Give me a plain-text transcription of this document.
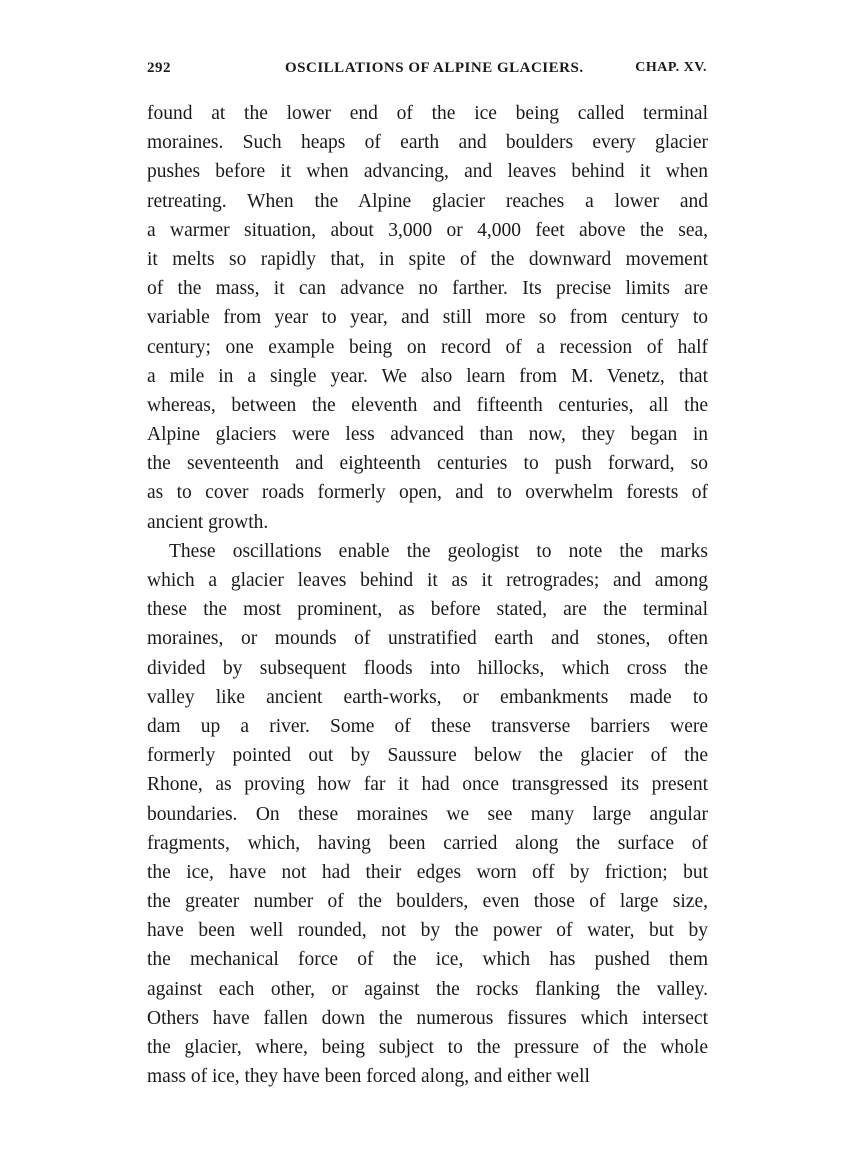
292	OSCILLATIONS OF ALPINE GLACIERS.	CHAP. XV.
found at the lower end of the ice being called terminal
moraines. Such heaps of earth and boulders every glacier
pushes before it when advancing, and leaves behind it when
retreating. When the Alpine glacier reaches a lower and
a warmer situation, about 3,000 or 4,000 feet above the sea,
it melts so rapidly that, in spite of the downward movement
of the mass, it can advance no farther. Its precise limits are
variable from year to year, and still more so from century to
century; one example being on record of a recession of half
a mile in a single year. We also learn from M. Venetz, that
whereas, between the eleventh and fifteenth centuries, all the
Alpine glaciers were less advanced than now, they began in
the seventeenth and eighteenth centuries to push forward, so
as to cover roads formerly open, and to overwhelm forests of
ancient growth.
These oscillations enable the geologist to note the marks
which a glacier leaves behind it as it retrogrades; and among
these the most prominent, as before stated, are the terminal
moraines, or mounds of unstratified earth and stones, often
divided by subsequent floods into hillocks, which cross the
valley like ancient earth-works, or embankments made to
dam up a river. Some of these transverse barriers were
formerly pointed out by Saussure below the glacier of the
Rhone, as proving how far it had once transgressed its present
boundaries. On these moraines we see many large angular
fragments, which, having been carried along the surface of
the ice, have not had their edges worn off by friction; but
the greater number of the boulders, even those of large size,
have been well rounded, not by the power of water, but by
the mechanical force of the ice, which has pushed them
against each other, or against the rocks flanking the valley.
Others have fallen down the numerous fissures which intersect
the glacier, where, being subject to the pressure of the whole
mass of ice, they have been forced along, and either well
